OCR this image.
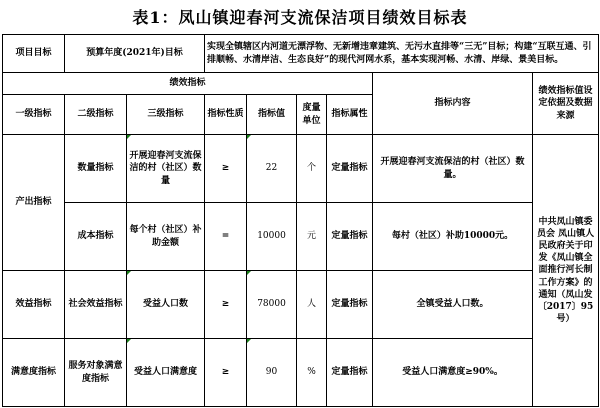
表1：凤山镇迎春河支流保洁项目绩效目标表
项目目标	预算年度(2021年)目标		实现全镇辖区内河道无漂浮物、无新增违章建筑、无污水直排等“三无”目标；构建“互联互通、引排顺畅、水清岸洁、生态良好”的现代河网水系，基本实现河畅、水清、岸绿、景美目标。					
绩效指标							指标内容	绩效指标值设定依据及数据来源
一级指标	二级指标	三级指标	指标性质	指标值	度量单位	指标属性		
产出指标	数量指标	开展迎春河支流保洁的村（社区）数量	≥	22	个	定量指标	开展迎春河支流保洁的村（社区）数量。	中共凤山镇委员会 凤山镇人民政府关于印发《凤山镇全面推行河长制工作方案》的通知（凤山发〔2017〕95号）
	成本指标	每个村（社区）补助金额	=	10000	元	定量指标	每村（社区）补助10000元。	
效益指标	社会效益指标	受益人口数	≥	78000	人	定量指标	全镇受益人口数。	
满意度指标	服务对象满意度指标	受益人口满意度	≥	90	%	定量指标	受益人口满意度≥90%。	
